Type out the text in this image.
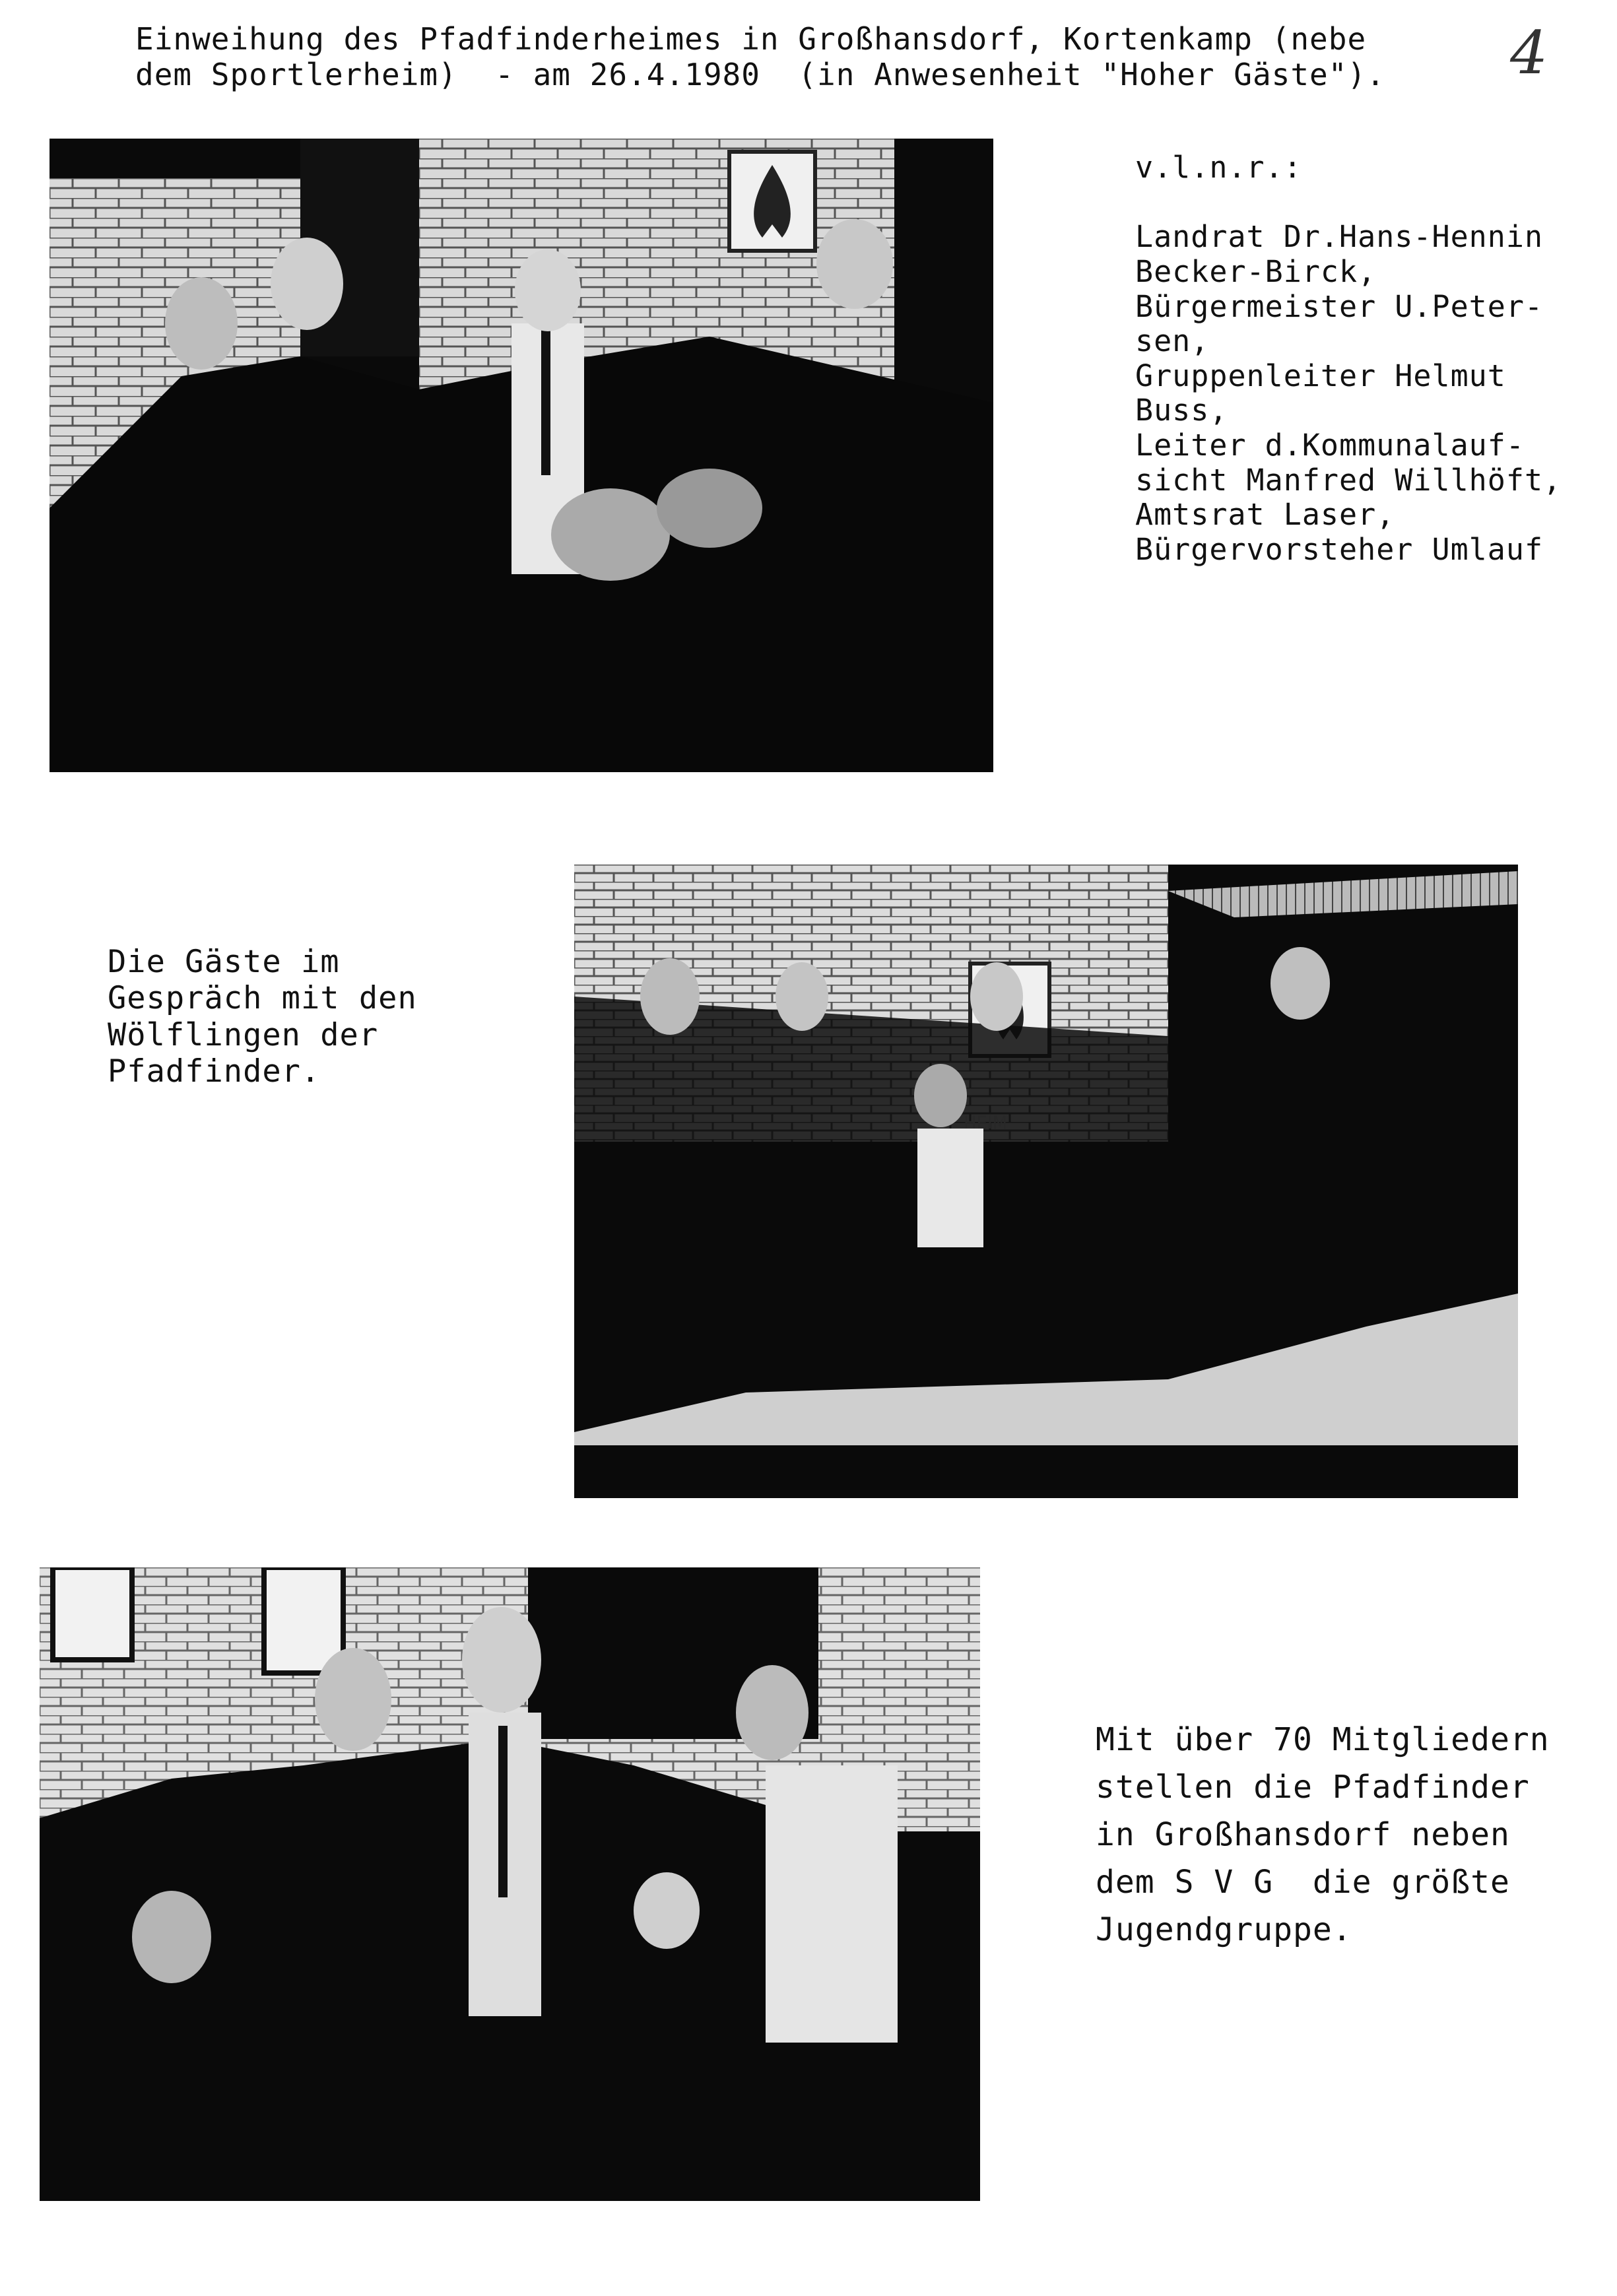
Einweihung des Pfadfinderheimes in Großhansdorf, Kortenkamp (nebe
dem Sportlerheim)  - am 26.4.1980  (in Anwesenheit "Hoher Gäste"). 4
v.l.n.r.:

Landrat Dr.Hans-Hennin
Becker-Birck,
Bürgermeister U.Peter-
sen,
Gruppenleiter Helmut
Buss,
Leiter d.Kommunalauf-
sicht Manfred Willhöft,
Amtsrat Laser,
Bürgervorsteher Umlauf
Die Gäste im
Gespräch mit den
Wölflingen der
Pfadfinder.
Mit über 70 Mitgliedern
stellen die Pfadfinder
in Großhansdorf neben
dem S V G  die größte
Jugendgruppe.
